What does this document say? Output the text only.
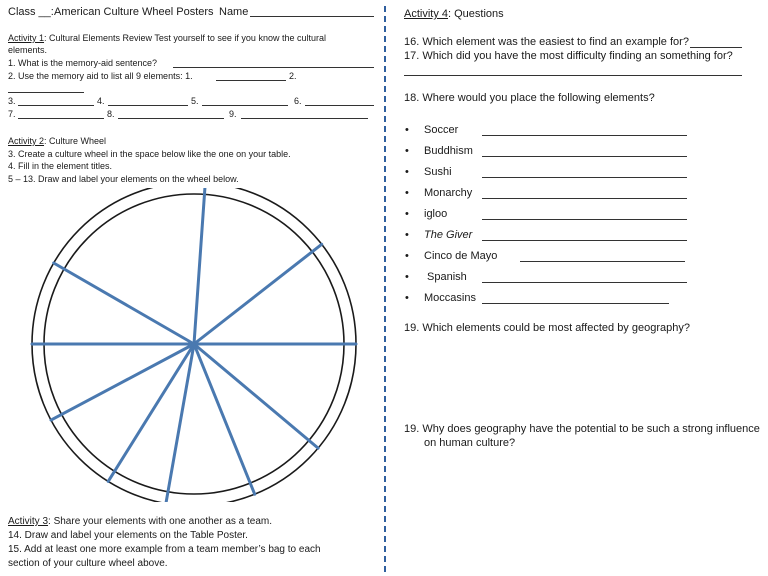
Class __: American Culture Wheel Posters Name
Activity 1: Cultural Elements Review Test yourself to see if you know the cultural
elements.
1. What is the memory-aid sentence?
2. Use the memory aid to list all 9 elements: 1.	2.
3.	4.	5.	6.
7.	8.	9.
Activity 2: Culture Wheel
3. Create a culture wheel in the space below like the one on your table.
4. Fill in the element titles.
5 – 13. Draw and label your elements on the wheel below.
Activity 3: Share your elements with one another as a team.
14. Draw and label your elements on the Table Poster.
15. Add at least one more example from a team member’s bag to each
section of your culture wheel above.
Activity 4: Questions
16. Which element was the easiest to find an example for?
17. Which did you have the most difficulty finding an something for?
18. Where would you place the following elements?
• Soccer
• Buddhism
• Sushi
• Monarchy
• igloo
• The Giver
• Cinco de Mayo
• Spanish
• Moccasins
19. Which elements could be most affected by geography?
19. Why does geography have the potential to be such a strong influence
on human culture?
